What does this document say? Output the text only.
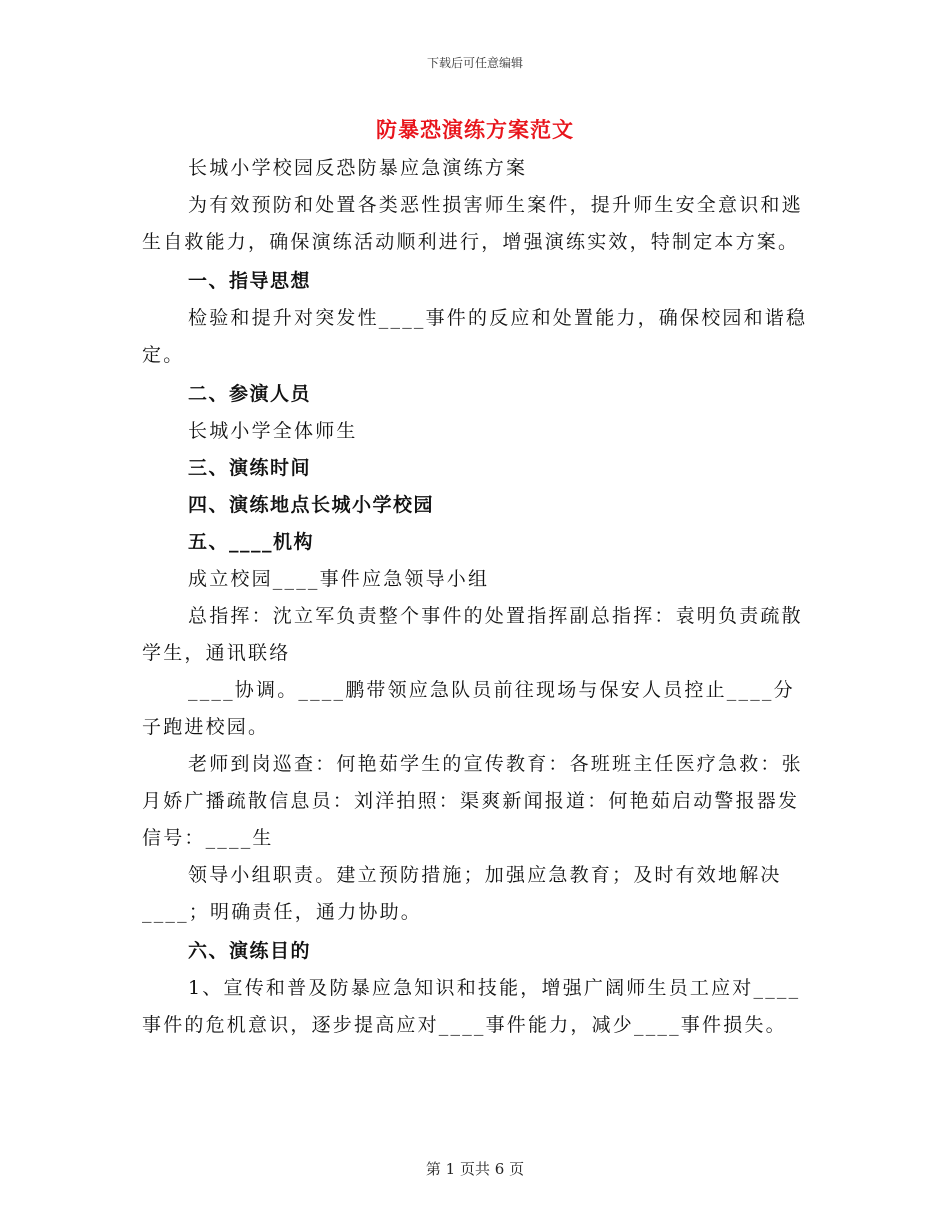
下载后可任意编辑
防暴恐演练方案范文

长城小学校园反恐防暴应急演练方案

为有效预防和处置各类恶性损害师生案件，提升师生安全意识和逃生自救能力，确保演练活动顺利进行，增强演练实效，特制定本方案。

一、指导思想

检验和提升对突发性____事件的反应和处置能力，确保校园和谐稳定。

二、参演人员

长城小学全体师生

三、演练时间

四、演练地点长城小学校园

五、____机构

成立校园____事件应急领导小组

总指挥：沈立军负责整个事件的处置指挥副总指挥：袁明负责疏散学生，通讯联络

____协调。____鹏带领应急队员前往现场与保安人员控止____分子跑进校园。

老师到岗巡查：何艳茹学生的宣传教育：各班班主任医疗急救：张月娇广播疏散信息员：刘洋拍照：渠爽新闻报道：何艳茹启动警报器发信号：____生

领导小组职责。建立预防措施；加强应急教育；及时有效地解决____；明确责任，通力协助。

六、演练目的

1、宣传和普及防暴应急知识和技能，增强广阔师生员工应对____事件的危机意识，逐步提高应对____事件能力，减少____事件损失。

第 1 页共 6 页
